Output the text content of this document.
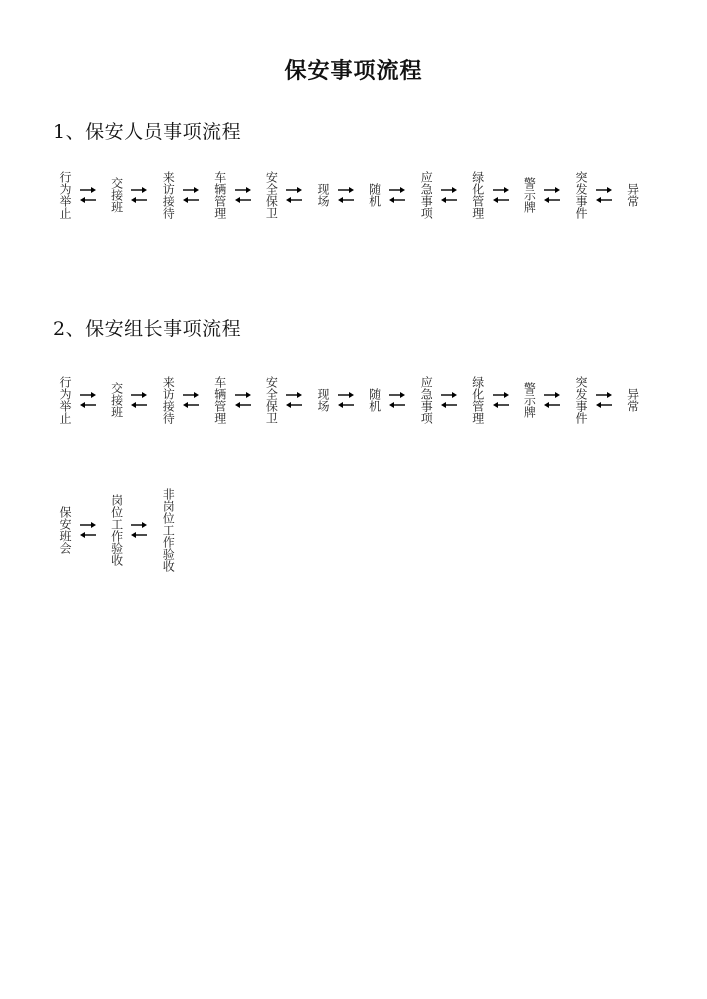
保安事项流程
1、保安人员事项流程
行为举止	交接班	来访接待	车辆管理	安全保卫	现场	随机	应急事项	绿化管理	警示牌	突发事件	异常
2、保安组长事项流程
行为举止	交接班	来访接待	车辆管理	安全保卫	现场	随机	应急事项	绿化管理	警示牌	突发事件	异常
保安班会	岗位工作验收	非岗位工作验收
